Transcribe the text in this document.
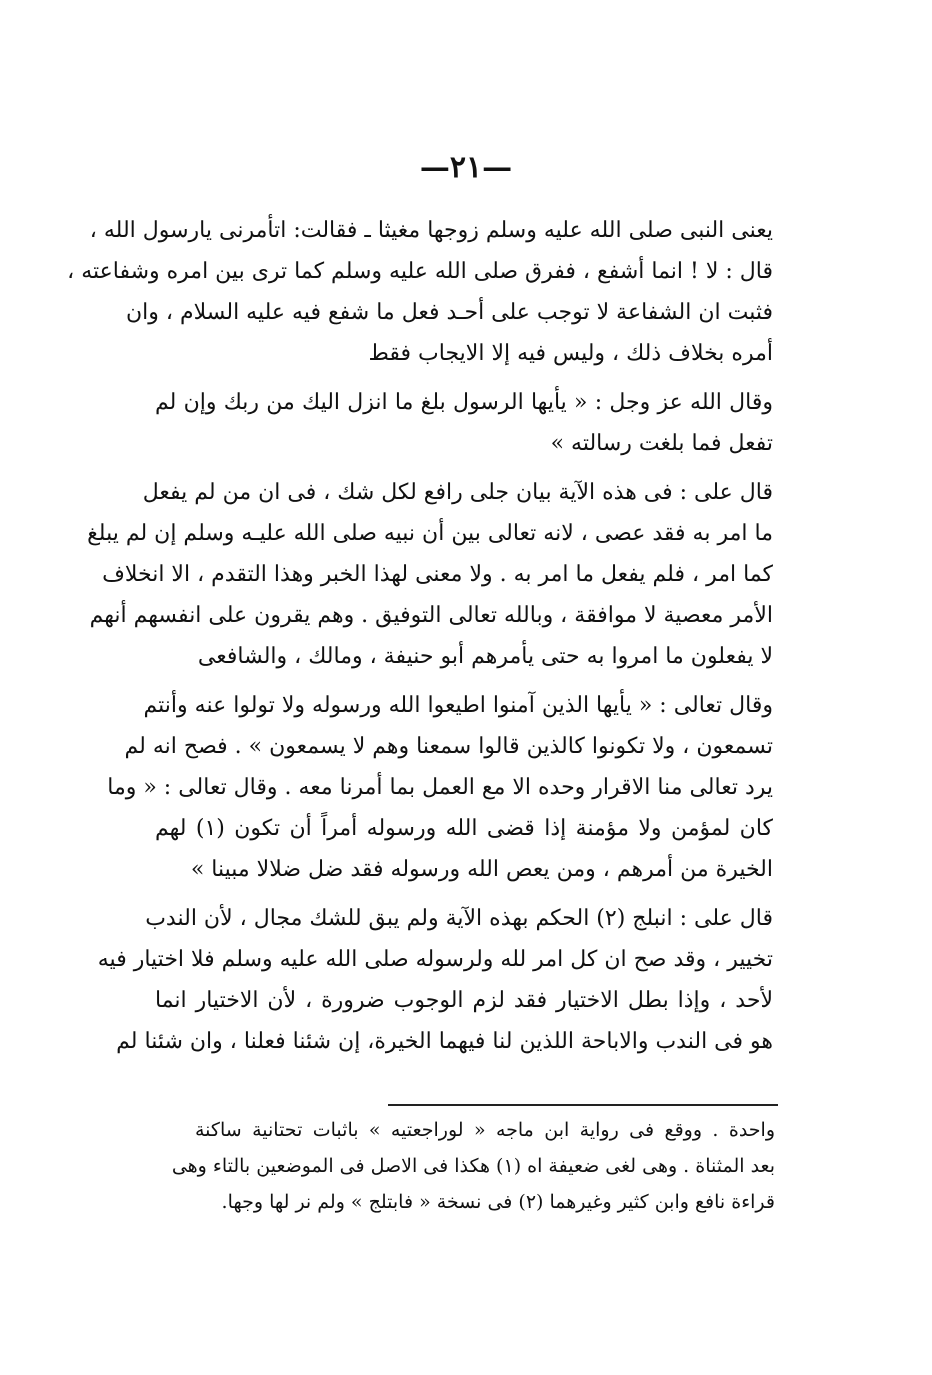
—٢١—
يعنى النبى صلى الله عليه وسلم زوجها مغيثا ـ فقالت: اتأمرنى يارسول الله ،
قال : لا ! انما أشفع ، ففرق صلى الله عليه وسلم كما ترى بين امره وشفاعته ،
فثبت ان الشفاعة لا توجب على أحـد فعل ما شفع فيه عليه السلام ، وان
أمره بخلاف ذلك ، وليس فيه إلا الايجاب فقط
وقال الله عز وجل : « يأيها الرسول بلغ ما انزل اليك من ربك وإن لم
تفعل فما بلغت رسالته »
قال على : فى هذه الآية بيان جلى رافع لكل شك ، فى ان من لم يفعل
ما امر به فقد عصى ، لانه تعالى بين أن نبيه صلى الله عليـه وسلم إن لم يبلغ
كما امر ، فلم يفعل ما امر به . ولا معنى لهذا الخبر وهذا التقدم ، الا انخلاف
الأمر معصية لا موافقة ، وبالله تعالى التوفيق . وهم يقرون على انفسهم أنهم
لا يفعلون ما امروا به حتى يأمرهم أبو حنيفة ، ومالك ، والشافعى
وقال تعالى : « يأيها الذين آمنوا اطيعوا الله ورسوله ولا تولوا عنه وأنتم
تسمعون ، ولا تكونوا كالذين قالوا سمعنا وهم لا يسمعون » . فصح انه لم
يرد تعالى منا الاقرار وحده الا مع العمل بما أمرنا معه . وقال تعالى : « وما
كان لمؤمن ولا مؤمنة إذا قضى الله ورسوله أمراً أن تكون (١) لهم
الخيرة من أمرهم ، ومن يعص الله ورسوله فقد ضل ضلالا مبينا »
قال على : انبلج (٢) الحكم بهذه الآية ولم يبق للشك مجال ، لأن الندب
تخيير ، وقد صح ان كل امر لله ولرسوله صلى الله عليه وسلم فلا اختيار فيه
لأحد ، وإذا بطل الاختيار فقد لزم الوجوب ضرورة ، لأن الاختيار انما
هو فى الندب والاباحة اللذين لنا فيهما الخيرة، إن شئنا فعلنا ، وان شئنا لم
واحدة . ووقع فى رواية ابن ماجه « لوراجعتيه » باثبات تحتانية ساكنة
بعد المثناة . وهى لغى ضعيفة اه (١) هكذا فى الاصل فى الموضعين بالتاء وهى
قراءة نافع وابن كثير وغيرهما (٢) فى نسخة « فابتلج » ولم نر لها وجها.
